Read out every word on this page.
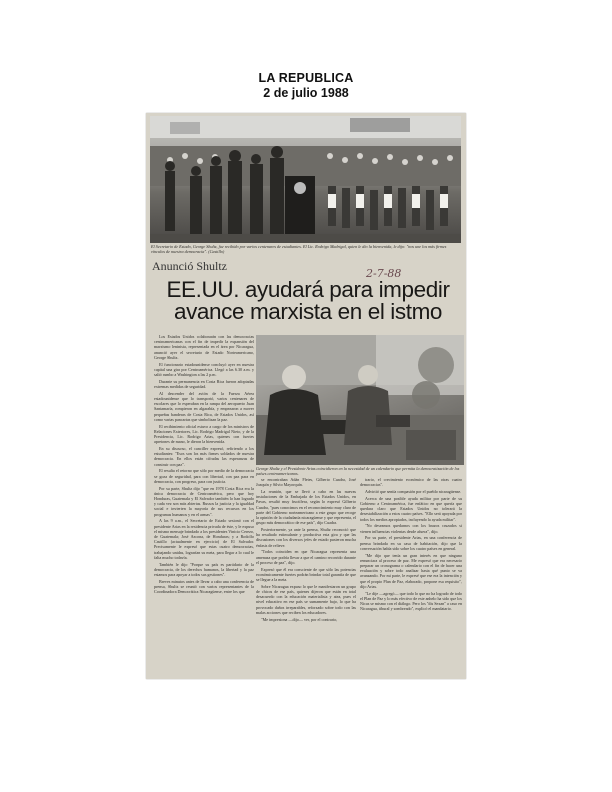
LA REPUBLICA
2 de julio 1988
El Secretario de Estado, George Shultz, fue recibido por varios centenares de estudiantes. El Lic. Rodrigo Madrigal, quien le dio la bienvenida, le dijo: "nos une los más firmes vínculos de nuestra democracia". (Castillo)
Anunció Shultz
2-7-88
EE.UU. ayudará para impedir avance marxista en el istmo

Los Estados Unidos colaborarán con las democracias centroamericanas con el fin de impedir la expansión del marxismo leninista, representada en el área por Nicaragua, anunció ayer el secretario de Estado Norteamericano, George Shultz.

El funcionario estadounidense concluyó ayer en nuestra capital una gira por Centroamérica. Llegó a las 6.30 a.m. y salió rumbo a Washington a las 2 p.m.

Durante su permanencia en Costa Rica fueron adoptadas extremas medidas de seguridad.

Al descender del avión de la Fuerza Aérea estadounidense que lo transportó, varios centenares de escolares que lo esperaban en la rampa del aeropuerto Juan Santamaría, rompieron en algarabía, y empezaron a mover pequeñas banderas de Costa Rica, de Estados Unidos, así como varias pancartas que simbolizan la paz.

El recibimiento oficial estuvo a cargo de los ministros de Relaciones Exteriores, Lic. Rodrigo Madrigal Nieto, y de la Presidencia, Lic. Rodrigo Arias, quienes con fuertes apretones de mano, le dieron la bienvenida.

En su discurso, el canciller expresó, refiriendo a los estudiantes: "Esos son los más firmes soldados de nuestra democracia. En ellos están cifradas las esperanzas de construir con paz".

El resulta el retorno que sólo por medio de la democracia se goza de seguridad, para con libertad, con paz para en democracia, con progreso, para con justicia.

Por su parte, Shultz dijo "que en 1978 Costa Rica era la única democracia de Centroamérica, pero que hoy Honduras, Guatemala y El Salvador también lo han logrado y cada vez son más abiertas. Russos la justicia y la igualdad social e invierten la mayoría de sus recursos en los programas humanos y en el armas".

A las 9 a.m., el Secretario de Estado sesionó con el presidente Arias en la residencia privada de éste, y le expuso el mismo mensaje brindado a los presidentes Vinicio Cerezo, de Guatemala; José Azcona, de Honduras; y a Rodolfo Castillo (actualmente en ejercicio) de El Salvador. Precisamente le expresó que estas cuatro democracias, trabajando unidas, lograrían su meta, para llegar a lo cual le falta mucho todavía.

También le dijo "Porque su país es partidario de la democracia, de los derechos humanos, la libertad y la paz estamos para apoyar a todos sus gestiones".

Breves minutos antes de llevar a cabo una conferencia de prensa, Shultz se reunió con varios representantes de la Coordinadora Democrática Nicaragüense, entre los que

George Shultz y el Presidente Arias coincidieron en la necesidad de un calendario que permita la democratización de los países centroamericanos.

se encontraban Adán Fletes, Gilberto Cuadra, José Joaquín y Silvio Mayorquín.

La reunión, que se llevó a cabo en las nuevas instalaciones de la Embajada de los Estados Unidos, en Pavas, resultó muy fructífera, según lo expresó Gilberto Cuadra, "pues conocimos en el reconocimiento muy claro de parte del Gobierno norteamericano a este grupo que recoge la opinión de la ciudadanía nicaragüense y que representa, el grupo más democrático de ese país", dijo Cuadra.

Posteriormente, ya ante la prensa, Shultz reconoció que ha resultado estimulante y productiva esta gira y que las discusiones con los diversos jefes de estado pusieron mucha énfasis de relieve.

"Todos coinciden en que Nicaragua representa una amenaza que podría llevar a que el camino recorrido durante el proceso de paz", dijo.

Expresó que él era consciente de que sólo las potencias económicamente fuertes podrán brindar total garantía de que se llegue a la meta.

Sobre Nicaragua expuso lo que le manifestaron un grupo de chicos de ese país, quienes dijeron que están en total desacuerdo con la educación materialista y atea, pues el nivel educativo en ese país se sumamente bajo, lo que ha provocado daños irreparables, reforzado sobre todo con las malas acciones que reciben los educadores.

"Me impresiona —dijo— ver, por el contrario,

trario, el crecimiento económico de las otras cuatro democracias".

Advirtió que sentía compasión por el pueblo nicaragüense.

Acerca de una posible ayuda militar por parte de su Gobierno a Centroamérica, fue enfático en que quería que quedara claro que Estados Unidos no tolerará la desestabilización a estos cuatro países. "Ello será apoyada por todos los medios apropiados, incluyendo la ayuda militar".

"No deseamos quedarnos con los brazos cruzados si vienen influencias violentas desde afuera", dijo.

Por su parte, el presidente Arias, en una conferencia de prensa brindada en su casa de habitación, dijo que la conversación había sido sobre los cuatro países en general.

"Me dijo que tenía un gran interés en que ninguno renunciara al proceso de paz. Me expresó que era necesario preparar un cronograma o calendario con el fin de hacer una evaluación y sobre todo analizar hasta qué punto se va avanzando. Por mi parte, le expresé que ese era la intención y que el propio Plan de Paz, elaborado, propone esa requisito", dijo Arias.

"Le dije —agregó— que todo lo que no ha logrado de todo el Plan de Paz y lo más efectivo de este anhelo ha sido que los Nicas se mismo con el diálogo. Pero los "dis Sexan" a caso en Nicaragua, tibural y sombreado", explicó el mandatario.
